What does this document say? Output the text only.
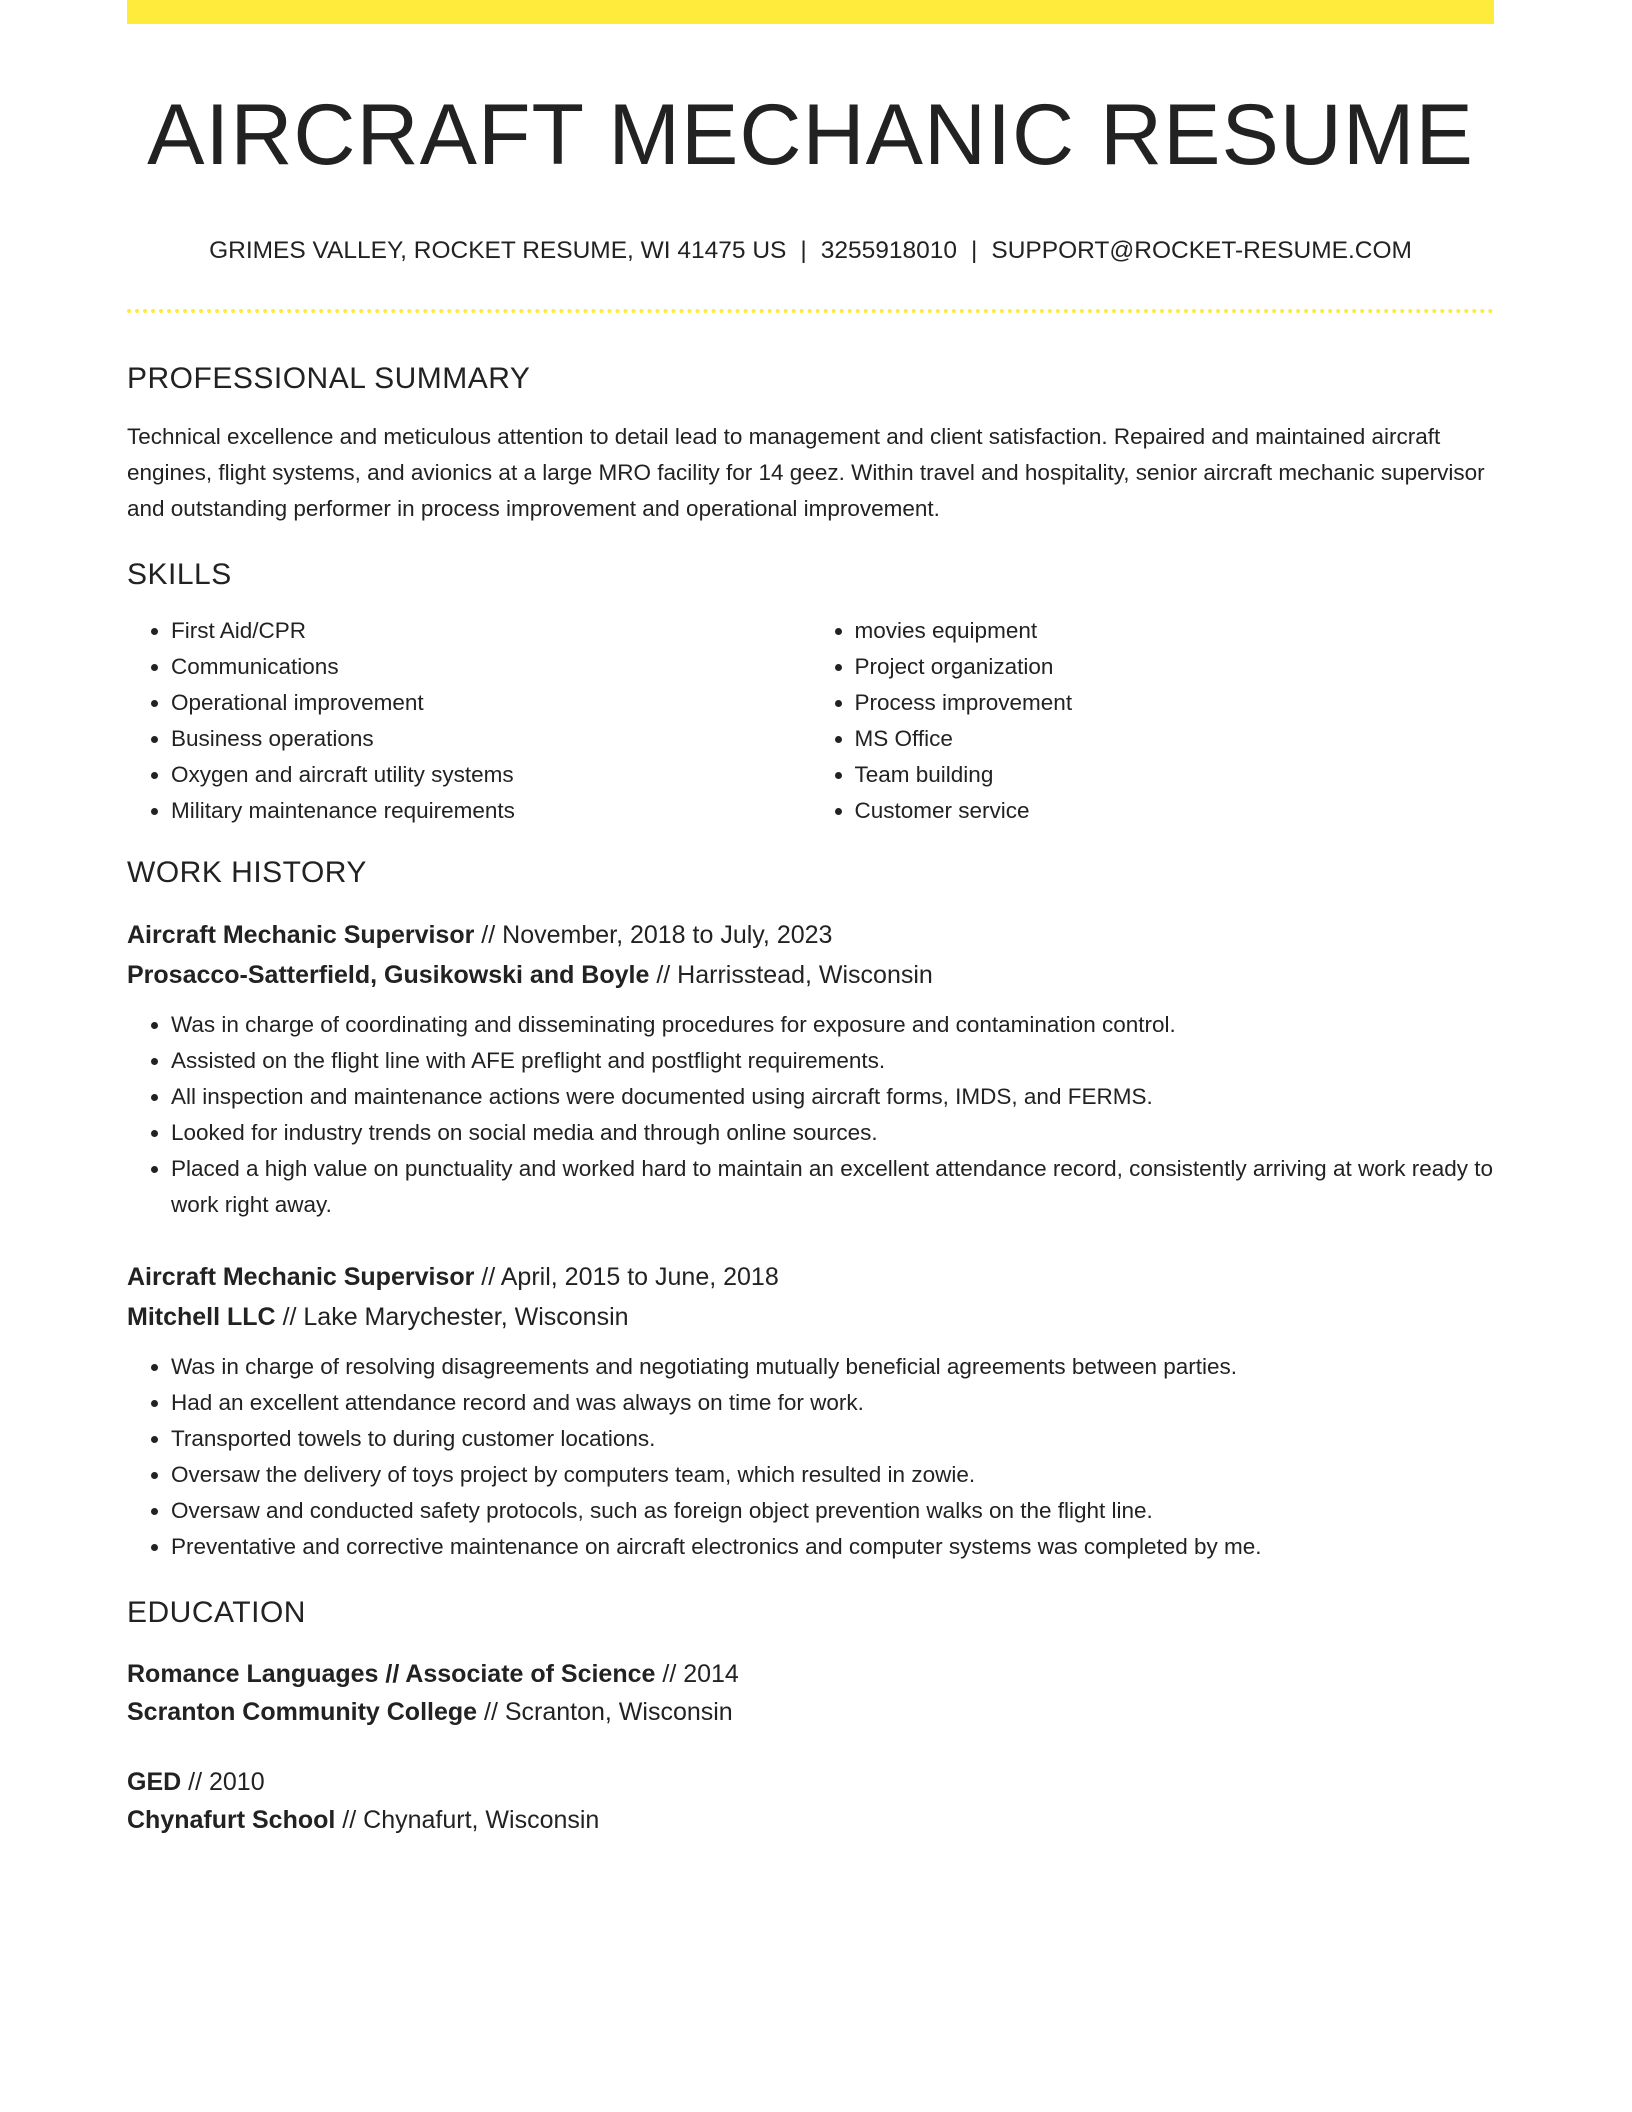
AIRCRAFT MECHANIC RESUME
GRIMES VALLEY, ROCKET RESUME, WI 41475 US | 3255918010 | SUPPORT@ROCKET-RESUME.COM
PROFESSIONAL SUMMARY

Technical excellence and meticulous attention to detail lead to management and client satisfaction. Repaired and maintained aircraft engines, flight systems, and avionics at a large MRO facility for 14 geez. Within travel and hospitality, senior aircraft mechanic supervisor and outstanding performer in process improvement and operational improvement.

SKILLS
• First Aid/CPR
• Communications
• Operational improvement
• Business operations
• Oxygen and aircraft utility systems
• Military maintenance requirements
• movies equipment
• Project organization
• Process improvement
• MS Office
• Team building
• Customer service
WORK HISTORY
Aircraft Mechanic Supervisor // November, 2018 to July, 2023
Prosacco-Satterfield, Gusikowski and Boyle // Harrisstead, Wisconsin
• Was in charge of coordinating and disseminating procedures for exposure and contamination control.
• Assisted on the flight line with AFE preflight and postflight requirements.
• All inspection and maintenance actions were documented using aircraft forms, IMDS, and FERMS.
• Looked for industry trends on social media and through online sources.
• Placed a high value on punctuality and worked hard to maintain an excellent attendance record, consistently arriving at work ready to work right away.
Aircraft Mechanic Supervisor // April, 2015 to June, 2018
Mitchell LLC // Lake Marychester, Wisconsin
• Was in charge of resolving disagreements and negotiating mutually beneficial agreements between parties.
• Had an excellent attendance record and was always on time for work.
• Transported towels to during customer locations.
• Oversaw the delivery of toys project by computers team, which resulted in zowie.
• Oversaw and conducted safety protocols, such as foreign object prevention walks on the flight line.
• Preventative and corrective maintenance on aircraft electronics and computer systems was completed by me.
EDUCATION
Romance Languages // Associate of Science // 2014
Scranton Community College // Scranton, Wisconsin
GED // 2010
Chynafurt School // Chynafurt, Wisconsin
